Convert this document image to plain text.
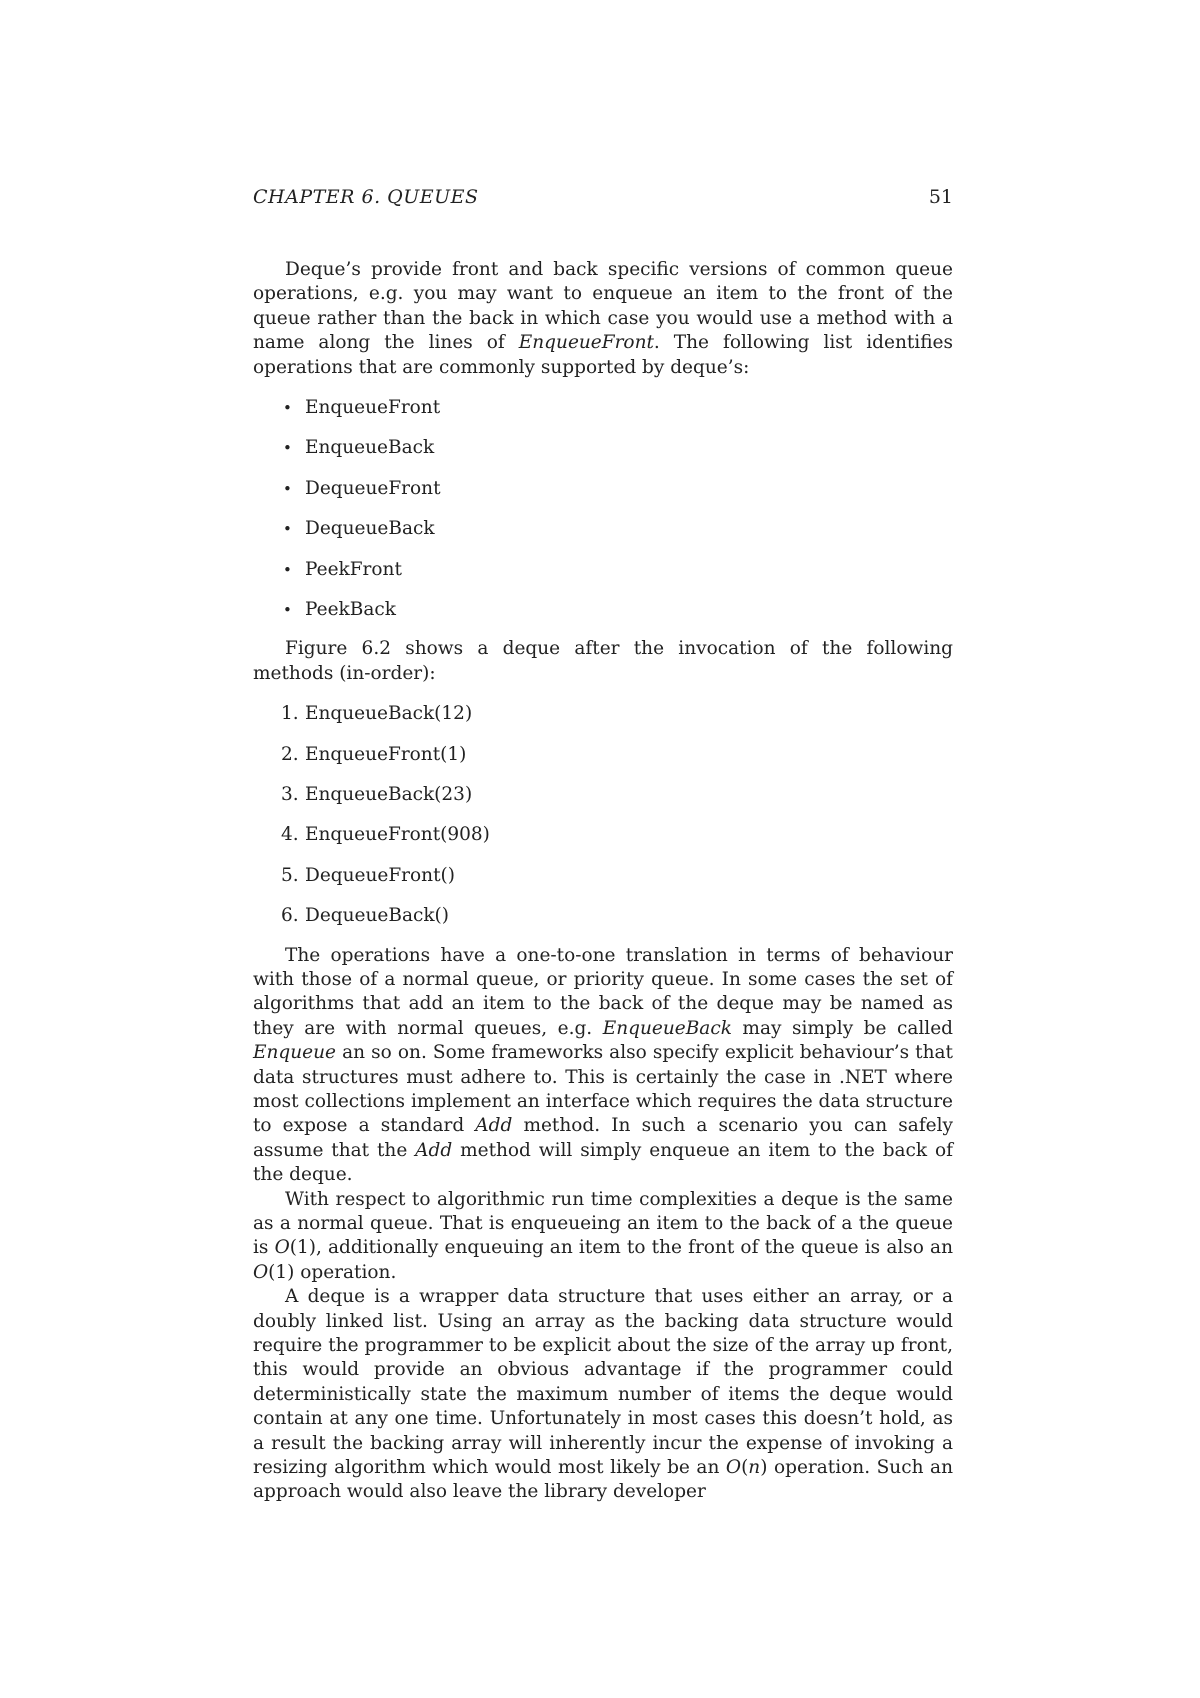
CHAPTER 6. QUEUES	51

Deque’s provide front and back specific versions of common queue operations, e.g. you may want to enqueue an item to the front of the queue rather than the back in which case you would use a method with a name along the lines of EnqueueFront. The following list identifies operations that are commonly supported by deque’s:

• EnqueueFront
• EnqueueBack
• DequeueFront
• DequeueBack
• PeekFront
• PeekBack

Figure 6.2 shows a deque after the invocation of the following methods (in-order):

1. EnqueueBack(12)
2. EnqueueFront(1)
3. EnqueueBack(23)
4. EnqueueFront(908)
5. DequeueFront()
6. DequeueBack()

The operations have a one-to-one translation in terms of behaviour with those of a normal queue, or priority queue. In some cases the set of algorithms that add an item to the back of the deque may be named as they are with normal queues, e.g. EnqueueBack may simply be called Enqueue an so on. Some frameworks also specify explicit behaviour’s that data structures must adhere to. This is certainly the case in .NET where most collections implement an interface which requires the data structure to expose a standard Add method. In such a scenario you can safely assume that the Add method will simply enqueue an item to the back of the deque.

With respect to algorithmic run time complexities a deque is the same as a normal queue. That is enqueueing an item to the back of a the queue is O(1), additionally enqueuing an item to the front of the queue is also an O(1) operation.

A deque is a wrapper data structure that uses either an array, or a doubly linked list. Using an array as the backing data structure would require the programmer to be explicit about the size of the array up front, this would provide an obvious advantage if the programmer could deterministically state the maximum number of items the deque would contain at any one time. Unfortunately in most cases this doesn’t hold, as a result the backing array will inherently incur the expense of invoking a resizing algorithm which would most likely be an O(n) operation. Such an approach would also leave the library developer
